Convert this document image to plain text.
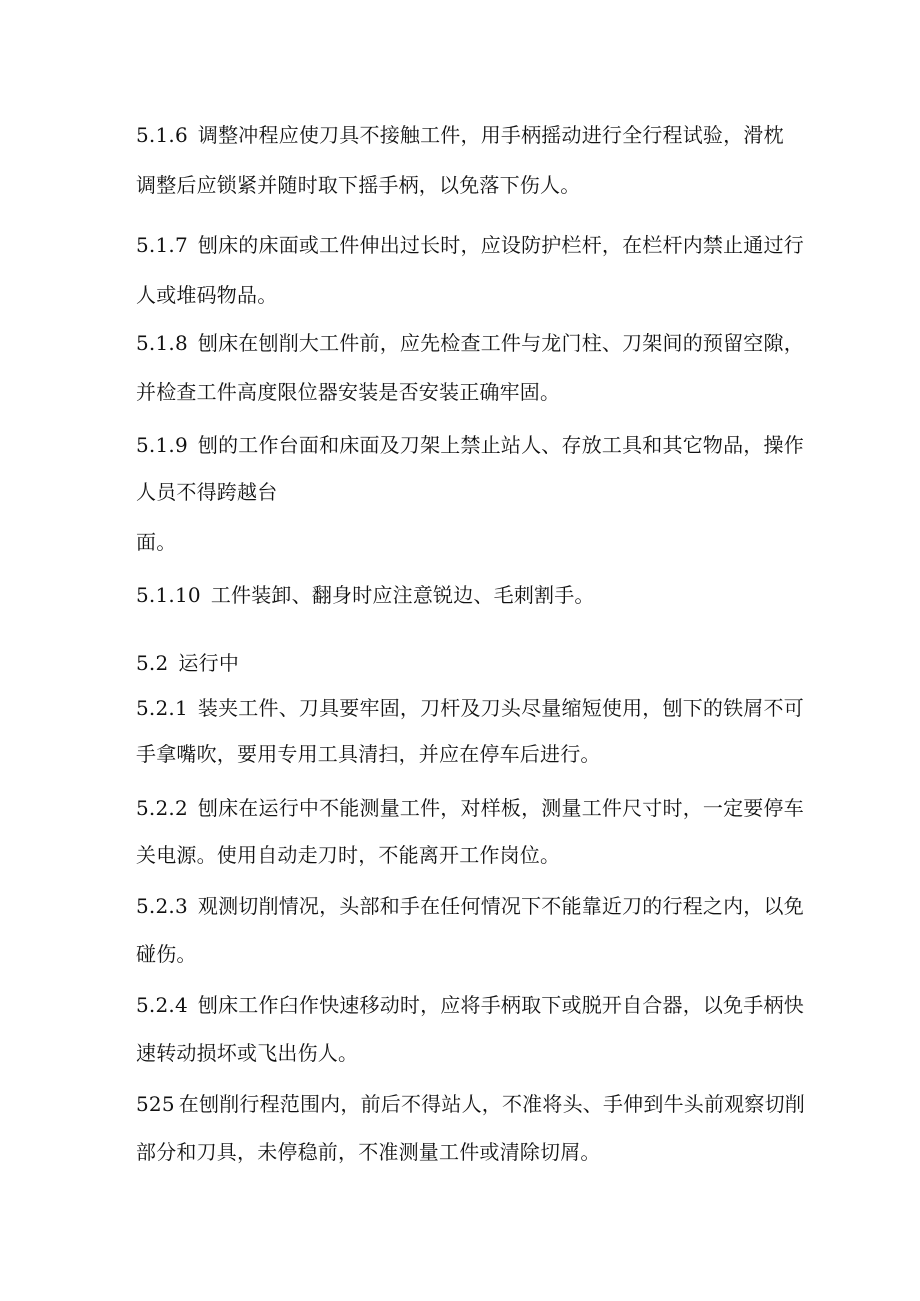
5.1.6 调整冲程应使刀具不接触工件，用手柄摇动进行全行程试验，滑枕
调整后应锁紧并随时取下摇手柄，以免落下伤人。
5.1.7 刨床的床面或工件伸出过长时，应设防护栏杆，在栏杆内禁止通过行
人或堆码物品。
5.1.8 刨床在刨削大工件前，应先检查工件与龙门柱、刀架间的预留空隙，
并检查工件高度限位器安装是否安装正确牢固。
5.1.9 刨的工作台面和床面及刀架上禁止站人、存放工具和其它物品，操作
人员不得跨越台
面。
5.1.10 工件装卸、翻身时应注意锐边、毛刺割手。
5.2 运行中
5.2.1 装夹工件、刀具要牢固，刀杆及刀头尽量缩短使用，刨下的铁屑不可
手拿嘴吹，要用专用工具清扫，并应在停车后进行。
5.2.2 刨床在运行中不能测量工件，对样板，测量工件尺寸时，一定要停车
关电源。使用自动走刀时，不能离开工作岗位。
5.2.3 观测切削情况，头部和手在任何情况下不能靠近刀的行程之内，以免
碰伤。
5.2.4 刨床工作臼作快速移动时，应将手柄取下或脱开自合器，以免手柄快
速转动损坏或飞出伤人。
525 在刨削行程范围内，前后不得站人，不准将头、手伸到牛头前观察切削
部分和刀具，未停稳前，不准测量工件或清除切屑。
